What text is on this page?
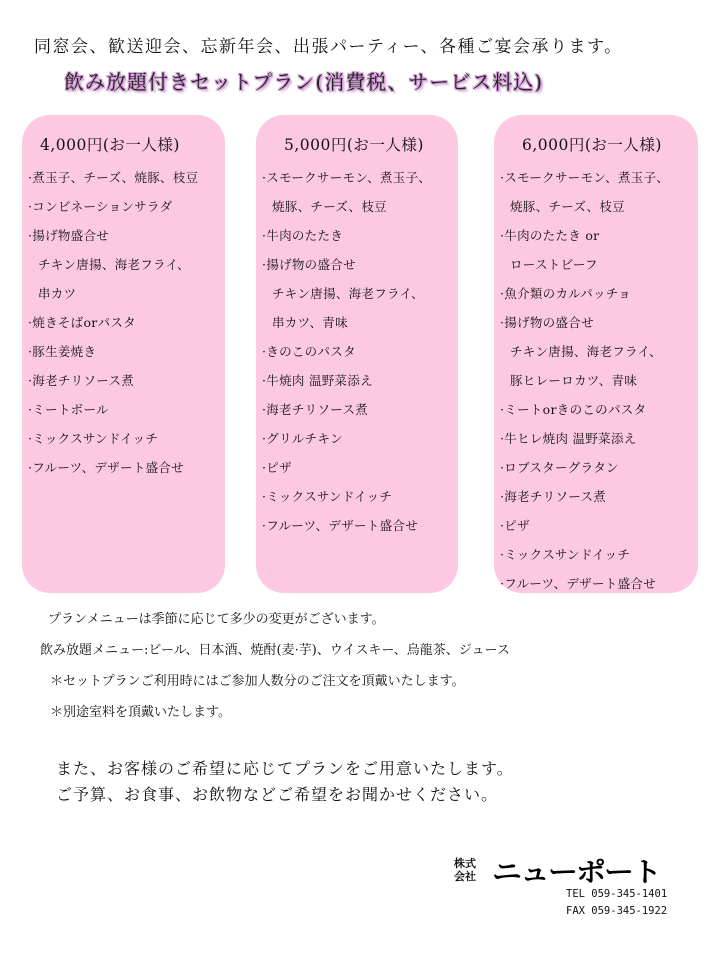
同窓会、歓送迎会、忘新年会、出張パーティー、各種ご宴会承ります。
飲み放題付きセットプラン(消費税、サービス料込)
4,000円(お一人様)
·煮玉子、チーズ、焼豚、枝豆
·コンビネーションサラダ
·揚げ物盛合せ
チキン唐揚、海老フライ、
串カツ
·焼きそばorパスタ
·豚生姜焼き
·海老チリソース煮
·ミートボール
·ミックスサンドイッチ
·フルーツ、デザート盛合せ
5,000円(お一人様)
·スモークサーモン、煮玉子、
焼豚、チーズ、枝豆
·牛肉のたたき
·揚げ物の盛合せ
チキン唐揚、海老フライ、
串カツ、青味
·きのこのパスタ
·牛焼肉 温野菜添え
·海老チリソース煮
·グリルチキン
·ピザ
·ミックスサンドイッチ
·フルーツ、デザート盛合せ
6,000円(お一人様)
·スモークサーモン、煮玉子、
焼豚、チーズ、枝豆
·牛肉のたたき or
ローストビーフ
·魚介類のカルパッチョ
·揚げ物の盛合せ
チキン唐揚、海老フライ、
豚ヒレーロカツ、青味
·ミートorきのこのパスタ
·牛ヒレ焼肉 温野菜添え
·ロブスターグラタン
·海老チリソース煮
·ピザ
·ミックスサンドイッチ
·フルーツ、デザート盛合せ
プランメニューは季節に応じて多少の変更がございます。
飲み放題メニュー:ビール、日本酒、焼酎(麦·芋)、ウイスキー、烏龍茶、ジュース
＊セットプランご利用時にはご参加人数分のご注文を頂戴いたします。
＊別途室料を頂戴いたします。
また、お客様のご希望に応じてプランをご用意いたします。
ご予算、お食事、お飲物などご希望をお聞かせください。
株式会社 ニューポート
TEL 059-345-1401
FAX 059-345-1922
